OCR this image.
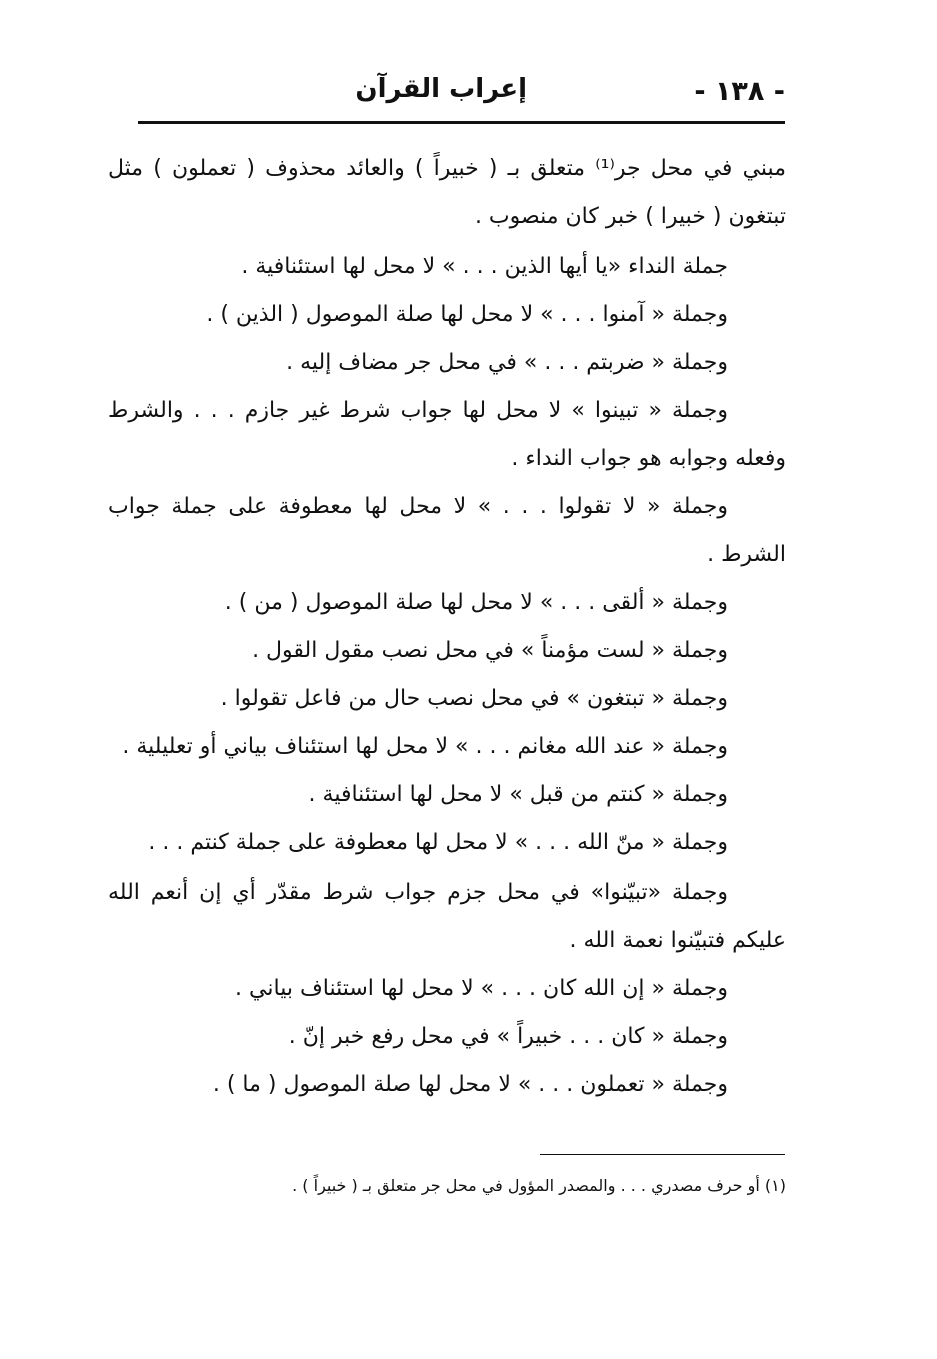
- ١٣٨ -
إعراب القرآن
مبني في محل جر⁽¹⁾ متعلق بـ ( خبيراً ) والعائد محذوف ( تعملون ) مثل
تبتغون ( خبيرا ) خبر كان منصوب .
جملة النداء «يا أيها الذين . . . » لا محل لها استئنافية .
وجملة « آمنوا . . . » لا محل لها صلة الموصول ( الذين ) .
وجملة « ضربتم . . . » في محل جر مضاف إليه .
وجملة « تبينوا » لا محل لها جواب شرط غير جازم . . . والشرط
وفعله وجوابه هو جواب النداء .
وجملة « لا تقولوا . . . » لا محل لها معطوفة على جملة جواب
الشرط .
وجملة « ألقى . . . » لا محل لها صلة الموصول ( من ) .
وجملة « لست مؤمناً » في محل نصب مقول القول .
وجملة « تبتغون » في محل نصب حال من فاعل تقولوا .
وجملة « عند الله مغانم . . . » لا محل لها استئناف بياني أو تعليلية .
وجملة « كنتم من قبل » لا محل لها استئنافية .
وجملة « منّ الله . . . » لا محل لها معطوفة على جملة كنتم . . .
وجملة «تبيّنوا» في محل جزم جواب شرط مقدّر أي إن أنعم الله
عليكم فتبيّنوا نعمة الله .
وجملة « إن الله كان . . . » لا محل لها استئناف بياني .
وجملة « كان . . . خبيراً » في محل رفع خبر إنّ .
وجملة « تعملون . . . » لا محل لها صلة الموصول ( ما ) .
(١) أو حرف مصدري . . . والمصدر المؤول في محل جر متعلق بـ ( خبيراً ) .
